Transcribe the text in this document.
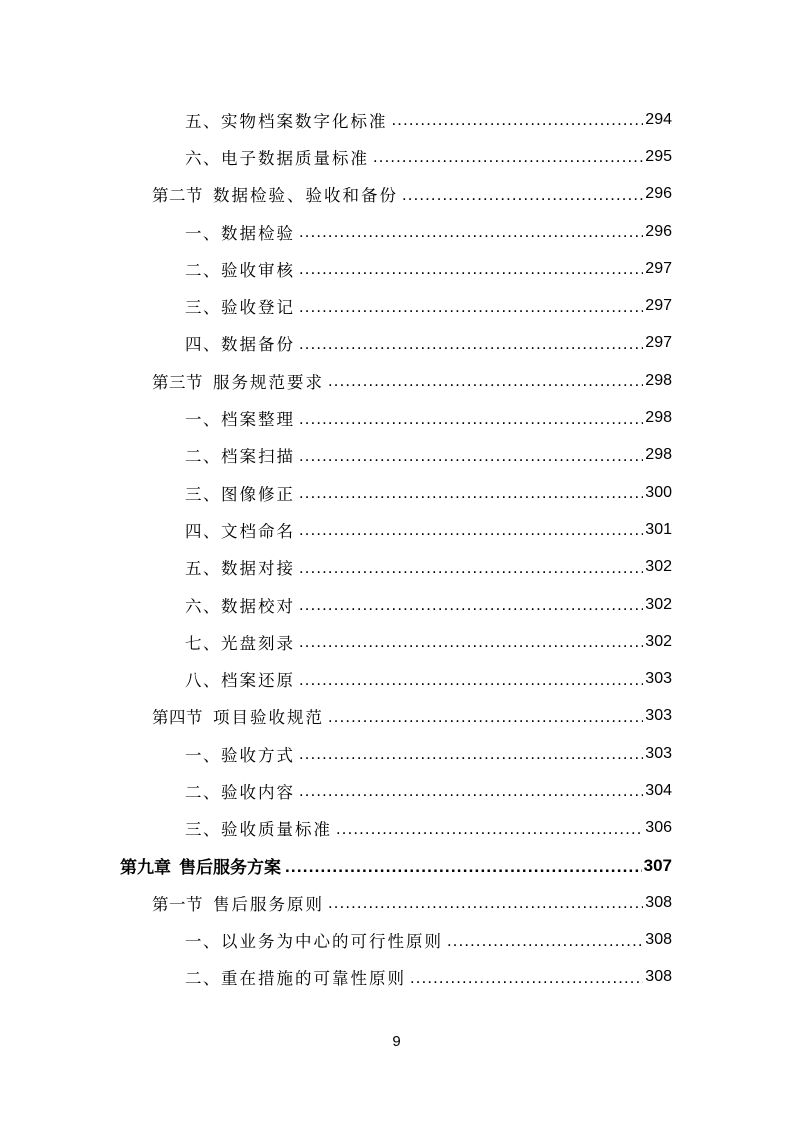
五、 实物档案数字化标准 .....	294
六、 电子数据质量标准 .....	295
第二节 数据检验、验收和备份 .....	296
一、 数据检验 .....	296
二、 验收审核 .....	297
三、 验收登记 .....	297
四、 数据备份 .....	297
第三节 服务规范要求 .....	298
一、 档案整理 .....	298
二、 档案扫描 .....	298
三、 图像修正 .....	300
四、 文档命名 .....	301
五、 数据对接 .....	302
六、 数据校对 .....	302
七、 光盘刻录 .....	302
八、 档案还原 .....	303
第四节 项目验收规范 .....	303
一、 验收方式 .....	303
二、 验收内容 .....	304
三、 验收质量标准 .....	306
第九章 售后服务方案 .....	307
第一节 售后服务原则 .....	308
一、 以业务为中心的可行性原则 .....	308
二、 重在措施的可靠性原则 .....	308
9
